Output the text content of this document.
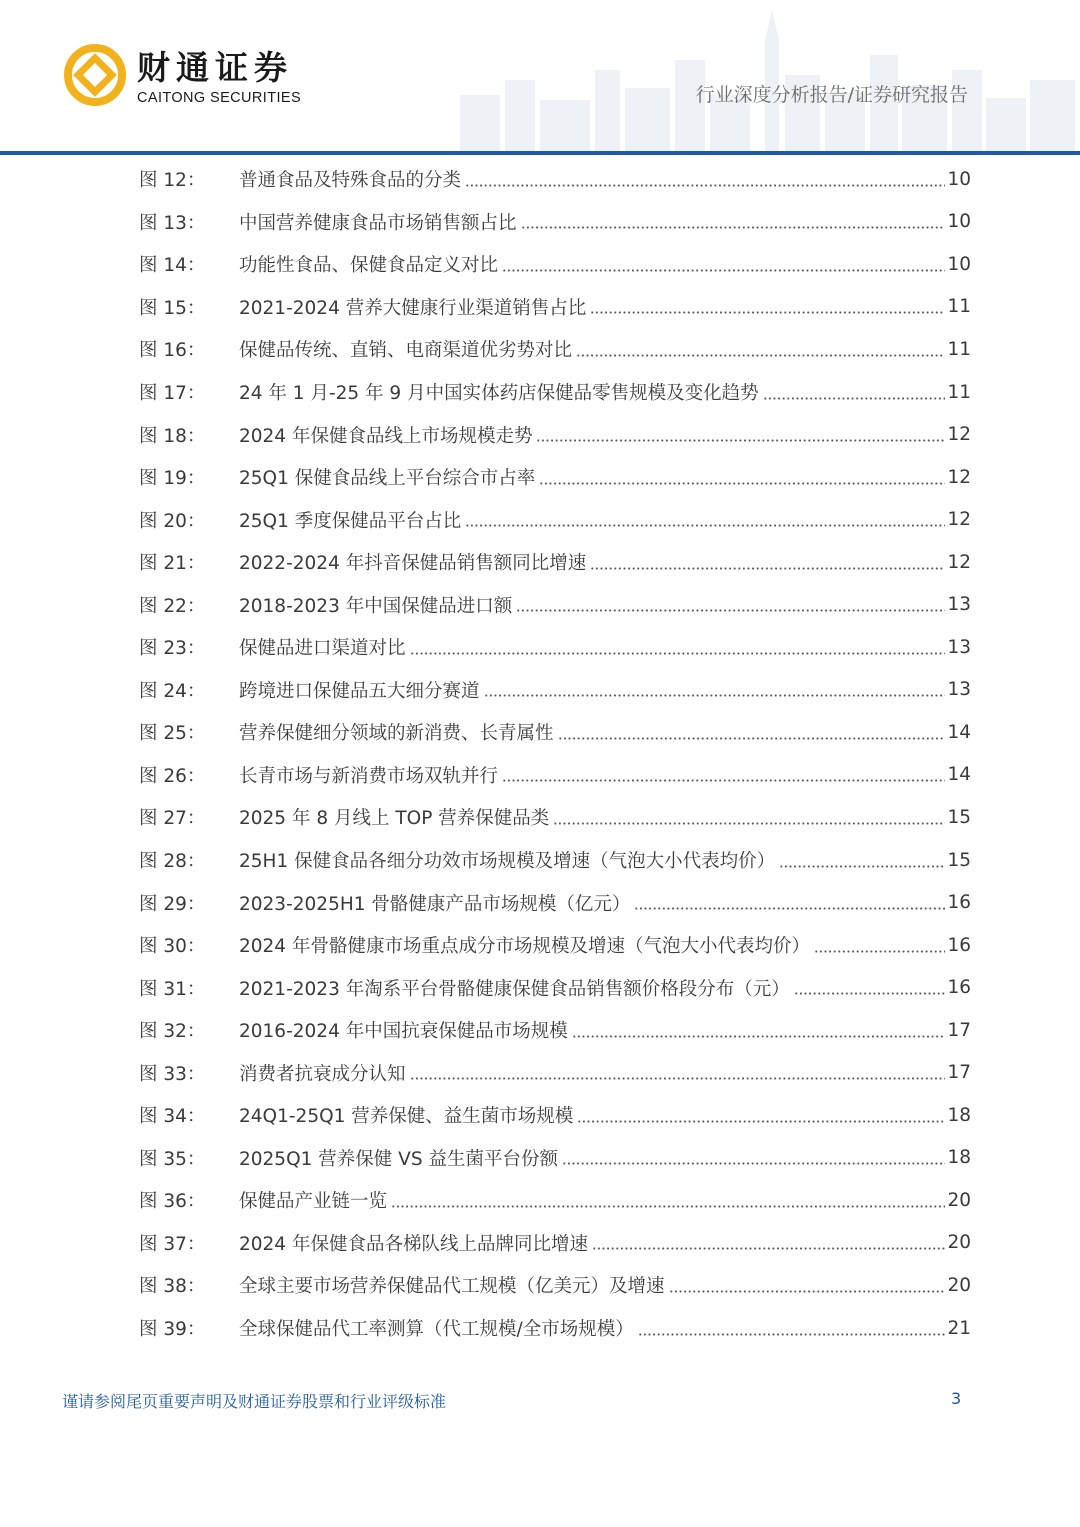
财通证券
CAITONG SECURITIES	行业深度分析报告/证券研究报告
图 12：	普通食品及特殊食品的分类	10
图 13：	中国营养健康食品市场销售额占比	10
图 14：	功能性食品、保健食品定义对比	10
图 15：	2021-2024 营养大健康行业渠道销售占比	11
图 16：	保健品传统、直销、电商渠道优劣势对比	11
图 17：	24 年 1 月-25 年 9 月中国实体药店保健品零售规模及变化趋势	11
图 18：	2024 年保健食品线上市场规模走势	12
图 19：	25Q1 保健食品线上平台综合市占率	12
图 20：	25Q1 季度保健品平台占比	12
图 21：	2022-2024 年抖音保健品销售额同比增速	12
图 22：	2018-2023 年中国保健品进口额	13
图 23：	保健品进口渠道对比	13
图 24：	跨境进口保健品五大细分赛道	13
图 25：	营养保健细分领域的新消费、长青属性	14
图 26：	长青市场与新消费市场双轨并行	14
图 27：	2025 年 8 月线上 TOP 营养保健品类	15
图 28：	25H1 保健食品各细分功效市场规模及增速（气泡大小代表均价）	15
图 29：	2023-2025H1 骨骼健康产品市场规模（亿元）	16
图 30：	2024 年骨骼健康市场重点成分市场规模及增速（气泡大小代表均价）	16
图 31：	2021-2023 年淘系平台骨骼健康保健食品销售额价格段分布（元）	16
图 32：	2016-2024 年中国抗衰保健品市场规模	17
图 33：	消费者抗衰成分认知	17
图 34：	24Q1-25Q1 营养保健、益生菌市场规模	18
图 35：	2025Q1 营养保健 VS 益生菌平台份额	18
图 36：	保健品产业链一览	20
图 37：	2024 年保健食品各梯队线上品牌同比增速	20
图 38：	全球主要市场营养保健品代工规模（亿美元）及增速	20
图 39：	全球保健品代工率测算（代工规模/全市场规模）	21
谨请参阅尾页重要声明及财通证券股票和行业评级标准	3
